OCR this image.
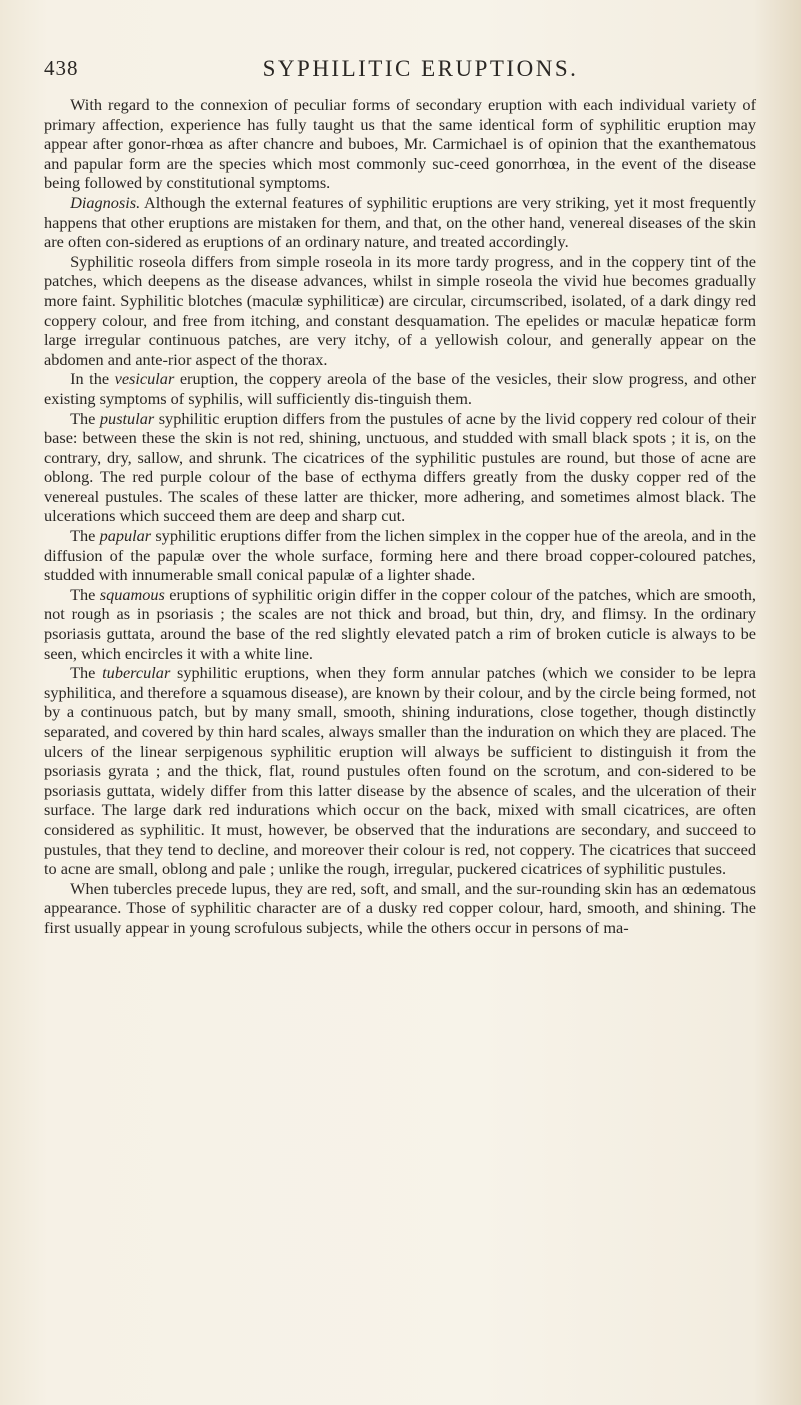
438	SYPHILITIC ERUPTIONS.

With regard to the connexion of peculiar forms of secondary eruption with each individual variety of primary affection, experience has fully taught us that the same identical form of syphilitic eruption may appear after gonor-rhœa as after chancre and buboes, Mr. Carmichael is of opinion that the exanthematous and papular form are the species which most commonly suc-ceed gonorrhœa, in the event of the disease being followed by constitutional symptoms.

Diagnosis. Although the external features of syphilitic eruptions are very striking, yet it most frequently happens that other eruptions are mistaken for them, and that, on the other hand, venereal diseases of the skin are often con-sidered as eruptions of an ordinary nature, and treated accordingly.

Syphilitic roseola differs from simple roseola in its more tardy progress, and in the coppery tint of the patches, which deepens as the disease advances, whilst in simple roseola the vivid hue becomes gradually more faint. Syphilitic blotches (maculæ syphiliticæ) are circular, circumscribed, isolated, of a dark dingy red coppery colour, and free from itching, and constant desquamation. The epelides or maculæ hepaticæ form large irregular continuous patches, are very itchy, of a yellowish colour, and generally appear on the abdomen and ante-rior aspect of the thorax.

In the vesicular eruption, the coppery areola of the base of the vesicles, their slow progress, and other existing symptoms of syphilis, will sufficiently dis-tinguish them.

The pustular syphilitic eruption differs from the pustules of acne by the livid coppery red colour of their base: between these the skin is not red, shining, unctuous, and studded with small black spots ; it is, on the contrary, dry, sallow, and shrunk. The cicatrices of the syphilitic pustules are round, but those of acne are oblong. The red purple colour of the base of ecthyma differs greatly from the dusky copper red of the venereal pustules. The scales of these latter are thicker, more adhering, and sometimes almost black. The ulcerations which succeed them are deep and sharp cut.

The papular syphilitic eruptions differ from the lichen simplex in the copper hue of the areola, and in the diffusion of the papulæ over the whole surface, forming here and there broad copper-coloured patches, studded with innumerable small conical papulæ of a lighter shade.

The squamous eruptions of syphilitic origin differ in the copper colour of the patches, which are smooth, not rough as in psoriasis ; the scales are not thick and broad, but thin, dry, and flimsy. In the ordinary psoriasis guttata, around the base of the red slightly elevated patch a rim of broken cuticle is always to be seen, which encircles it with a white line.

The tubercular syphilitic eruptions, when they form annular patches (which we consider to be lepra syphilitica, and therefore a squamous disease), are known by their colour, and by the circle being formed, not by a continuous patch, but by many small, smooth, shining indurations, close together, though distinctly separated, and covered by thin hard scales, always smaller than the induration on which they are placed. The ulcers of the linear serpigenous syphilitic eruption will always be sufficient to distinguish it from the psoriasis gyrata ; and the thick, flat, round pustules often found on the scrotum, and con-sidered to be psoriasis guttata, widely differ from this latter disease by the absence of scales, and the ulceration of their surface. The large dark red indurations which occur on the back, mixed with small cicatrices, are often considered as syphilitic. It must, however, be observed that the indurations are secondary, and succeed to pustules, that they tend to decline, and moreover their colour is red, not coppery. The cicatrices that succeed to acne are small, oblong and pale ; unlike the rough, irregular, puckered cicatrices of syphilitic pustules.

When tubercles precede lupus, they are red, soft, and small, and the sur-rounding skin has an œdematous appearance. Those of syphilitic character are of a dusky red copper colour, hard, smooth, and shining. The first usually appear in young scrofulous subjects, while the others occur in persons of ma-
